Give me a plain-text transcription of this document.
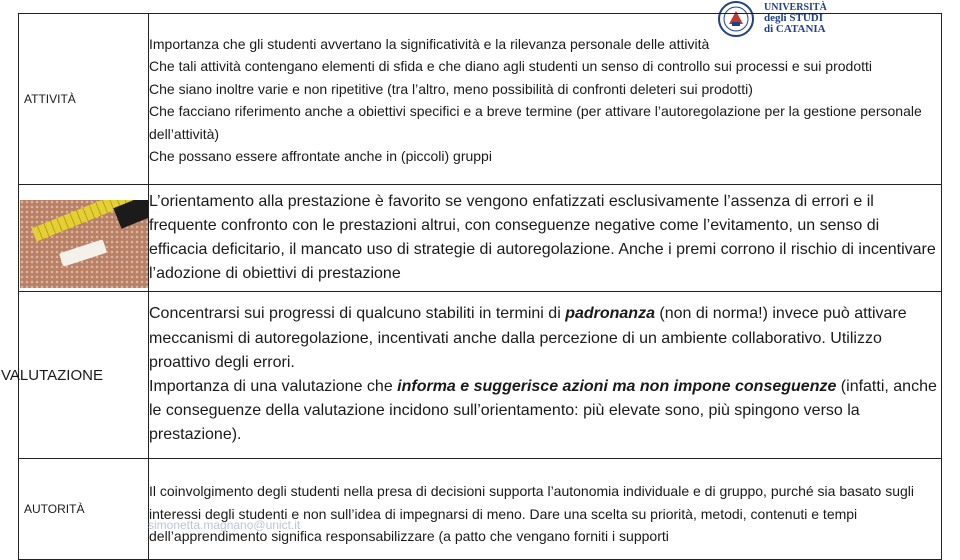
UNIVERSITÀ
degli STUDI
di CATANIA
ATTIVITÀ	Importanza che gli studenti avvertano la significatività e la rilevanza personale delle attività

Che tali attività contengano elementi di sfida e che diano agli studenti un senso di controllo sui processi e sui prodotti

Che siano inoltre varie e non ripetitive (tra l’altro, meno possibilità di confronti deleteri sui prodotti)

Che facciano riferimento anche a obiettivi specifici e a breve termine (per attivare l’autoregolazione per la gestione personale dell’attività)

Che possano essere affrontate anche in (piccoli) gruppi

	L’orientamento alla prestazione è favorito se vengono enfatizzati esclusivamente l’assenza di errori e il frequente confronto con le prestazioni altrui, con conseguenze negative come l’evitamento, un senso di efficacia deficitario, il mancato uso di strategie di autoregolazione. Anche i premi corrono il rischio di incentivare l’adozione di obiettivi di prestazione

VALUTAZIONE	Concentrarsi sui progressi di qualcuno stabiliti in termini di padronanza (non di norma!) invece può attivare meccanismi di autoregolazione, incentivati anche dalla percezione di un ambiente collaborativo. Utilizzo proattivo degli errori.

Importanza di una valutazione che informa e suggerisce azioni ma non impone conseguenze (infatti, anche le conseguenze della valutazione incidono sull’orientamento: più elevate sono, più spingono verso la prestazione).

AUTORITÀ	Il coinvolgimento degli studenti nella presa di decisioni supporta l’autonomia individuale e di gruppo, purché sia basato sugli interessi degli studenti e non sull’idea di impegnarsi di meno. Dare una scelta su priorità, metodi, contenuti e tempi dell’apprendimento significa responsabilizzare (a patto che vengano forniti i supporti

simonetta.magnano@unict.it
